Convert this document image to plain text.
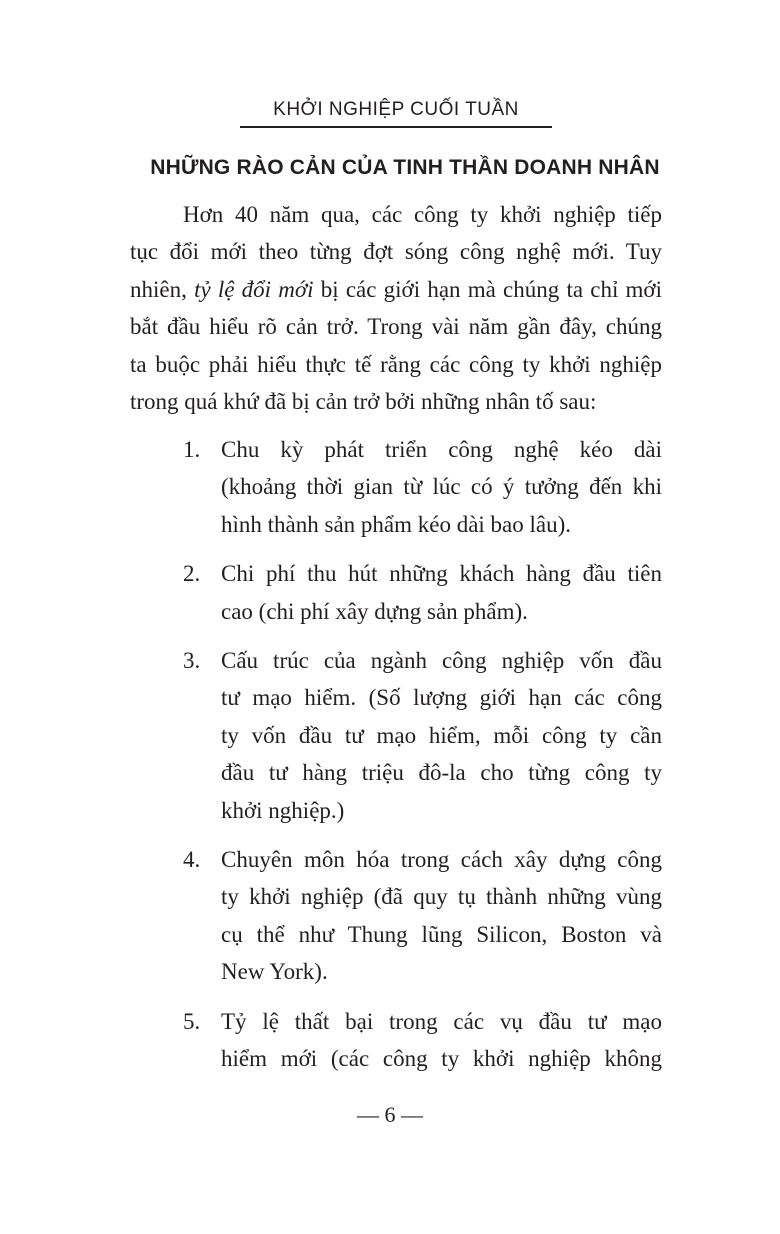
KHỞI NGHIỆP CUỐI TUẦN
NHỮNG RÀO CẢN CỦA TINH THẦN DOANH NHÂN
Hơn 40 năm qua, các công ty khởi nghiệp tiếp
tục đổi mới theo từng đợt sóng công nghệ mới. Tuy
nhiên, tỷ lệ đổi mới bị các giới hạn mà chúng ta chỉ mới
bắt đầu hiểu rõ cản trở. Trong vài năm gần đây, chúng
ta buộc phải hiểu thực tế rằng các công ty khởi nghiệp
trong quá khứ đã bị cản trở bởi những nhân tố sau:
1. Chu kỳ phát triển công nghệ kéo dài
(khoảng thời gian từ lúc có ý tưởng đến khi
hình thành sản phẩm kéo dài bao lâu).
2. Chi phí thu hút những khách hàng đầu tiên
cao (chi phí xây dựng sản phẩm).
3. Cấu trúc của ngành công nghiệp vốn đầu
tư mạo hiểm. (Số lượng giới hạn các công
ty vốn đầu tư mạo hiểm, mỗi công ty cần
đầu tư hàng triệu đô-la cho từng công ty
khởi nghiệp.)
4. Chuyên môn hóa trong cách xây dựng công
ty khởi nghiệp (đã quy tụ thành những vùng
cụ thể như Thung lũng Silicon, Boston và
New York).
5. Tỷ lệ thất bại trong các vụ đầu tư mạo
hiểm mới (các công ty khởi nghiệp không
— 6 —
